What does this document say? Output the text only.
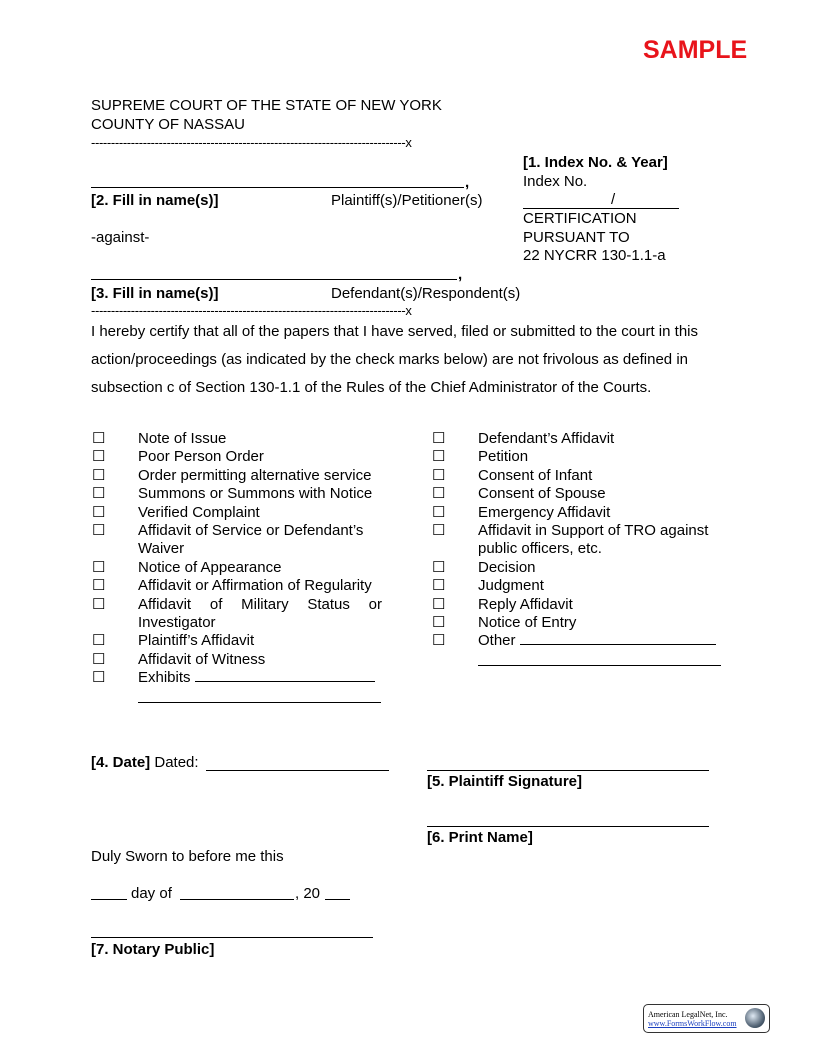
SAMPLE
SUPREME COURT OF THE STATE OF NEW YORK
COUNTY OF NASSAU
-------------------------------------------------------------------------------x
[1. Index No. & Year]
Index No.
/
CERTIFICATION
PURSUANT TO
22 NYCRR 130-1.1-a
,
[2. Fill in name(s)]	Plaintiff(s)/Petitioner(s)
-against-
,
[3. Fill in name(s)]	Defendant(s)/Respondent(s)
-------------------------------------------------------------------------------x
I hereby certify that all of the papers that I have served, filed or submitted to the court in this action/proceedings (as indicated by the check marks below) are not frivolous as defined in subsection c of Section 130-1.1 of the Rules of the Chief Administrator of the Courts.
☐	Note of Issue
☐	Poor Person Order
☐	Order permitting alternative service
☐	Summons or Summons with Notice
☐	Verified Complaint
☐	Affidavit of Service or Defendant’s Waiver
☐	Notice of Appearance
☐	Affidavit or Affirmation of Regularity
☐	Affidavit of Military Status or Investigator
☐	Plaintiff’s Affidavit
☐	Affidavit of Witness
☐	Exhibits
☐	Defendant’s Affidavit
☐	Petition
☐	Consent of Infant
☐	Consent of Spouse
☐	Emergency Affidavit
☐	Affidavit in Support of TRO against public officers, etc.
☐	Decision
☐	Judgment
☐	Reply Affidavit
☐	Notice of Entry
☐	Other
[4. Date] Dated:
[5. Plaintiff Signature]
[6. Print Name]
Duly Sworn to before me this
day of	, 20
[7. Notary Public]
American LegalNet, Inc.
www.FormsWorkFlow.com
